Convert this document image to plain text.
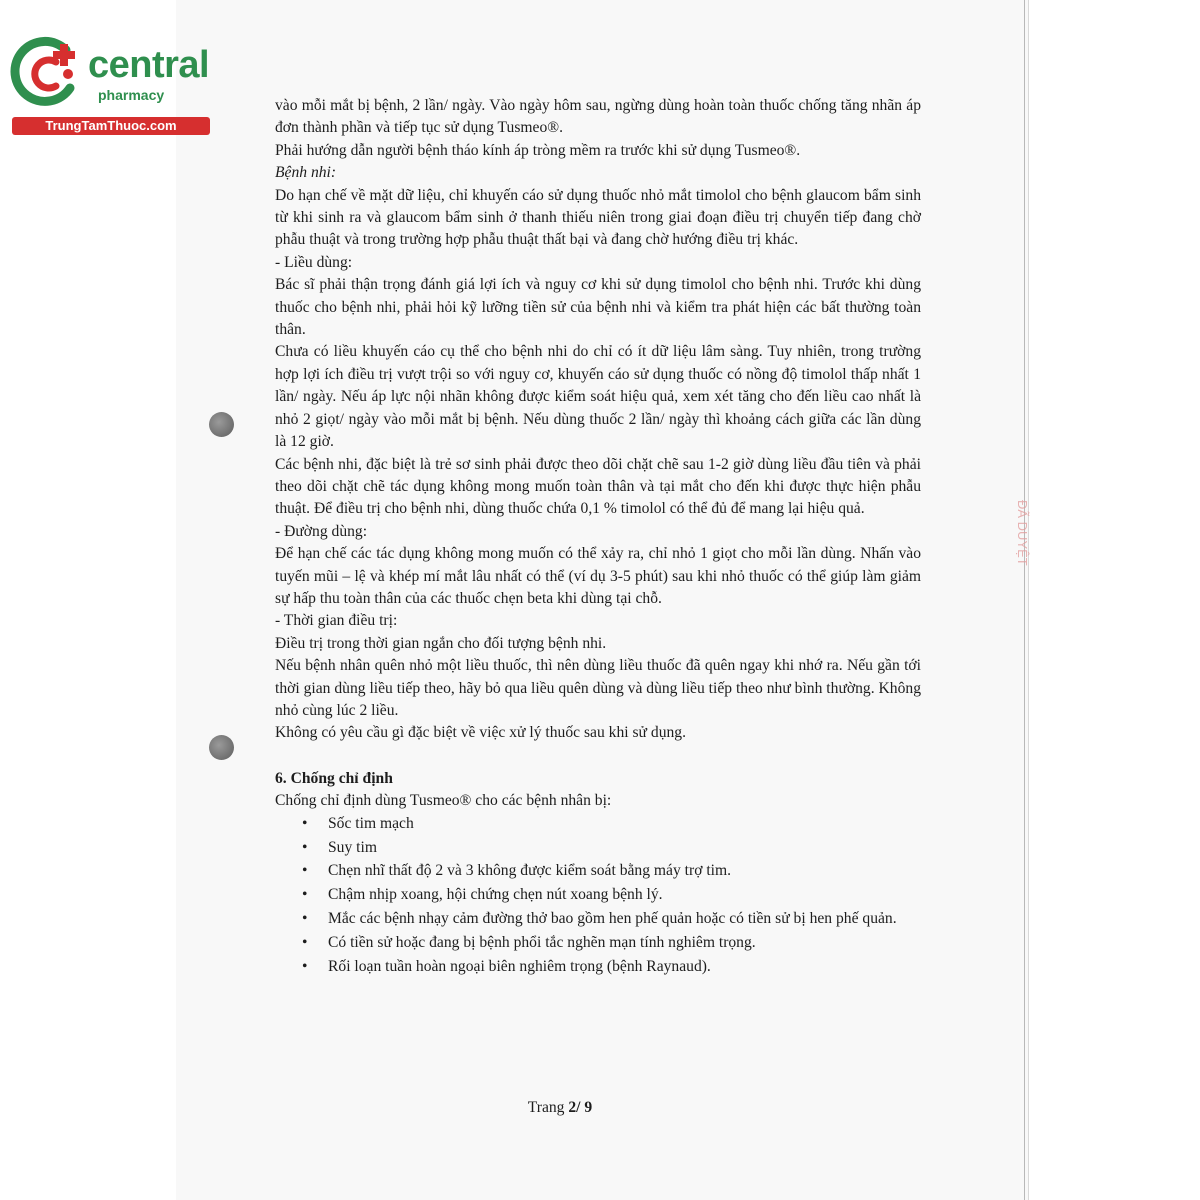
central
pharmacy
TrungTamThuoc.com

vào mỗi mắt bị bệnh, 2 lần/ ngày. Vào ngày hôm sau, ngừng dùng hoàn toàn thuốc chống tăng nhãn áp đơn thành phần và tiếp tục sử dụng Tusmeo®.

Phải hướng dẫn người bệnh tháo kính áp tròng mềm ra trước khi sử dụng Tusmeo®.

Bệnh nhi:

Do hạn chế về mặt dữ liệu, chỉ khuyến cáo sử dụng thuốc nhỏ mắt timolol cho bệnh glaucom bẩm sinh từ khi sinh ra và glaucom bẩm sinh ở thanh thiếu niên trong giai đoạn điều trị chuyển tiếp đang chờ phẫu thuật và trong trường hợp phẫu thuật thất bại và đang chờ hướng điều trị khác.

- Liều dùng:

Bác sĩ phải thận trọng đánh giá lợi ích và nguy cơ khi sử dụng timolol cho bệnh nhi. Trước khi dùng thuốc cho bệnh nhi, phải hỏi kỹ lưỡng tiền sử của bệnh nhi và kiểm tra phát hiện các bất thường toàn thân.

Chưa có liều khuyến cáo cụ thể cho bệnh nhi do chỉ có ít dữ liệu lâm sàng. Tuy nhiên, trong trường hợp lợi ích điều trị vượt trội so với nguy cơ, khuyến cáo sử dụng thuốc có nồng độ timolol thấp nhất 1 lần/ ngày. Nếu áp lực nội nhãn không được kiểm soát hiệu quả, xem xét tăng cho đến liều cao nhất là nhỏ 2 giọt/ ngày vào mỗi mắt bị bệnh. Nếu dùng thuốc 2 lần/ ngày thì khoảng cách giữa các lần dùng là 12 giờ.

Các bệnh nhi, đặc biệt là trẻ sơ sinh phải được theo dõi chặt chẽ sau 1-2 giờ dùng liều đầu tiên và phải theo dõi chặt chẽ tác dụng không mong muốn toàn thân và tại mắt cho đến khi được thực hiện phẫu thuật. Để điều trị cho bệnh nhi, dùng thuốc chứa 0,1 % timolol có thể đủ để mang lại hiệu quả.

- Đường dùng:

Để hạn chế các tác dụng không mong muốn có thể xảy ra, chỉ nhỏ 1 giọt cho mỗi lần dùng. Nhấn vào tuyến mũi – lệ và khép mí mắt lâu nhất có thể (ví dụ 3-5 phút) sau khi nhỏ thuốc có thể giúp làm giảm sự hấp thu toàn thân của các thuốc chẹn beta khi dùng tại chỗ.

- Thời gian điều trị:

Điều trị trong thời gian ngắn cho đối tượng bệnh nhi.

Nếu bệnh nhân quên nhỏ một liều thuốc, thì nên dùng liều thuốc đã quên ngay khi nhớ ra. Nếu gần tới thời gian dùng liều tiếp theo, hãy bỏ qua liều quên dùng và dùng liều tiếp theo như bình thường. Không nhỏ cùng lúc 2 liều.

Không có yêu cầu gì đặc biệt về việc xử lý thuốc sau khi sử dụng.

6. Chống chỉ định

Chống chỉ định dùng Tusmeo® cho các bệnh nhân bị:

• Sốc tim mạch
• Suy tim
• Chẹn nhĩ thất độ 2 và 3 không được kiểm soát bằng máy trợ tim.
• Chậm nhịp xoang, hội chứng chẹn nút xoang bệnh lý.
• Mắc các bệnh nhạy cảm đường thở bao gồm hen phế quản hoặc có tiền sử bị hen phế quản.
• Có tiền sử hoặc đang bị bệnh phổi tắc nghẽn mạn tính nghiêm trọng.
• Rối loạn tuần hoàn ngoại biên nghiêm trọng (bệnh Raynaud).
Trang 2/ 9
ĐÃ DUYỆT
